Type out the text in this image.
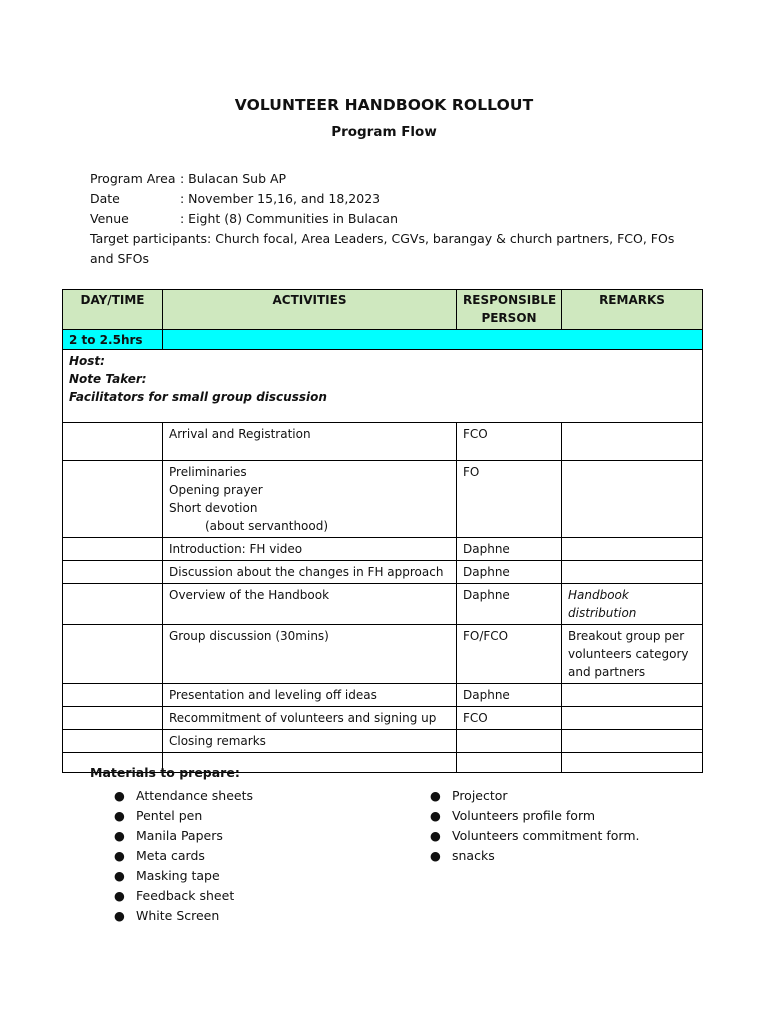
VOLUNTEER HANDBOOK ROLLOUT
Program Flow
Program Area : Bulacan Sub AP
Date	: November 15,16, and 18,2023
Venue	: Eight (8) Communities in Bulacan
Target participants: Church focal, Area Leaders, CGVs, barangay & church partners, FCO, FOs
and SFOs
DAY/TIME	ACTIVITIES	RESPONSIBLE PERSON	REMARKS
2 to 2.5hrs			

Host:
Note Taker:
Facilitators for small group discussion			

	Arrival and Registration	FCO	

	Preliminaries
Opening prayer
Short devotion
(about servanthood)	FO	
	Introduction: FH video	Daphne	
	Discussion about the changes in FH approach	Daphne	
	Overview of the Handbook	Daphne	Handbook distribution
	Group discussion (30mins)	FO/FCO	Breakout group per volunteers category and partners
	Presentation and leveling off ideas	Daphne	
	Recommitment of volunteers and signing up	FCO	
	Closing remarks		

Materials to prepare:
● Attendance sheets
● Pentel pen
● Manila Papers
● Meta cards
● Masking tape
● Feedback sheet
● White Screen
● Projector
● Volunteers profile form
● Volunteers commitment form.
● snacks
